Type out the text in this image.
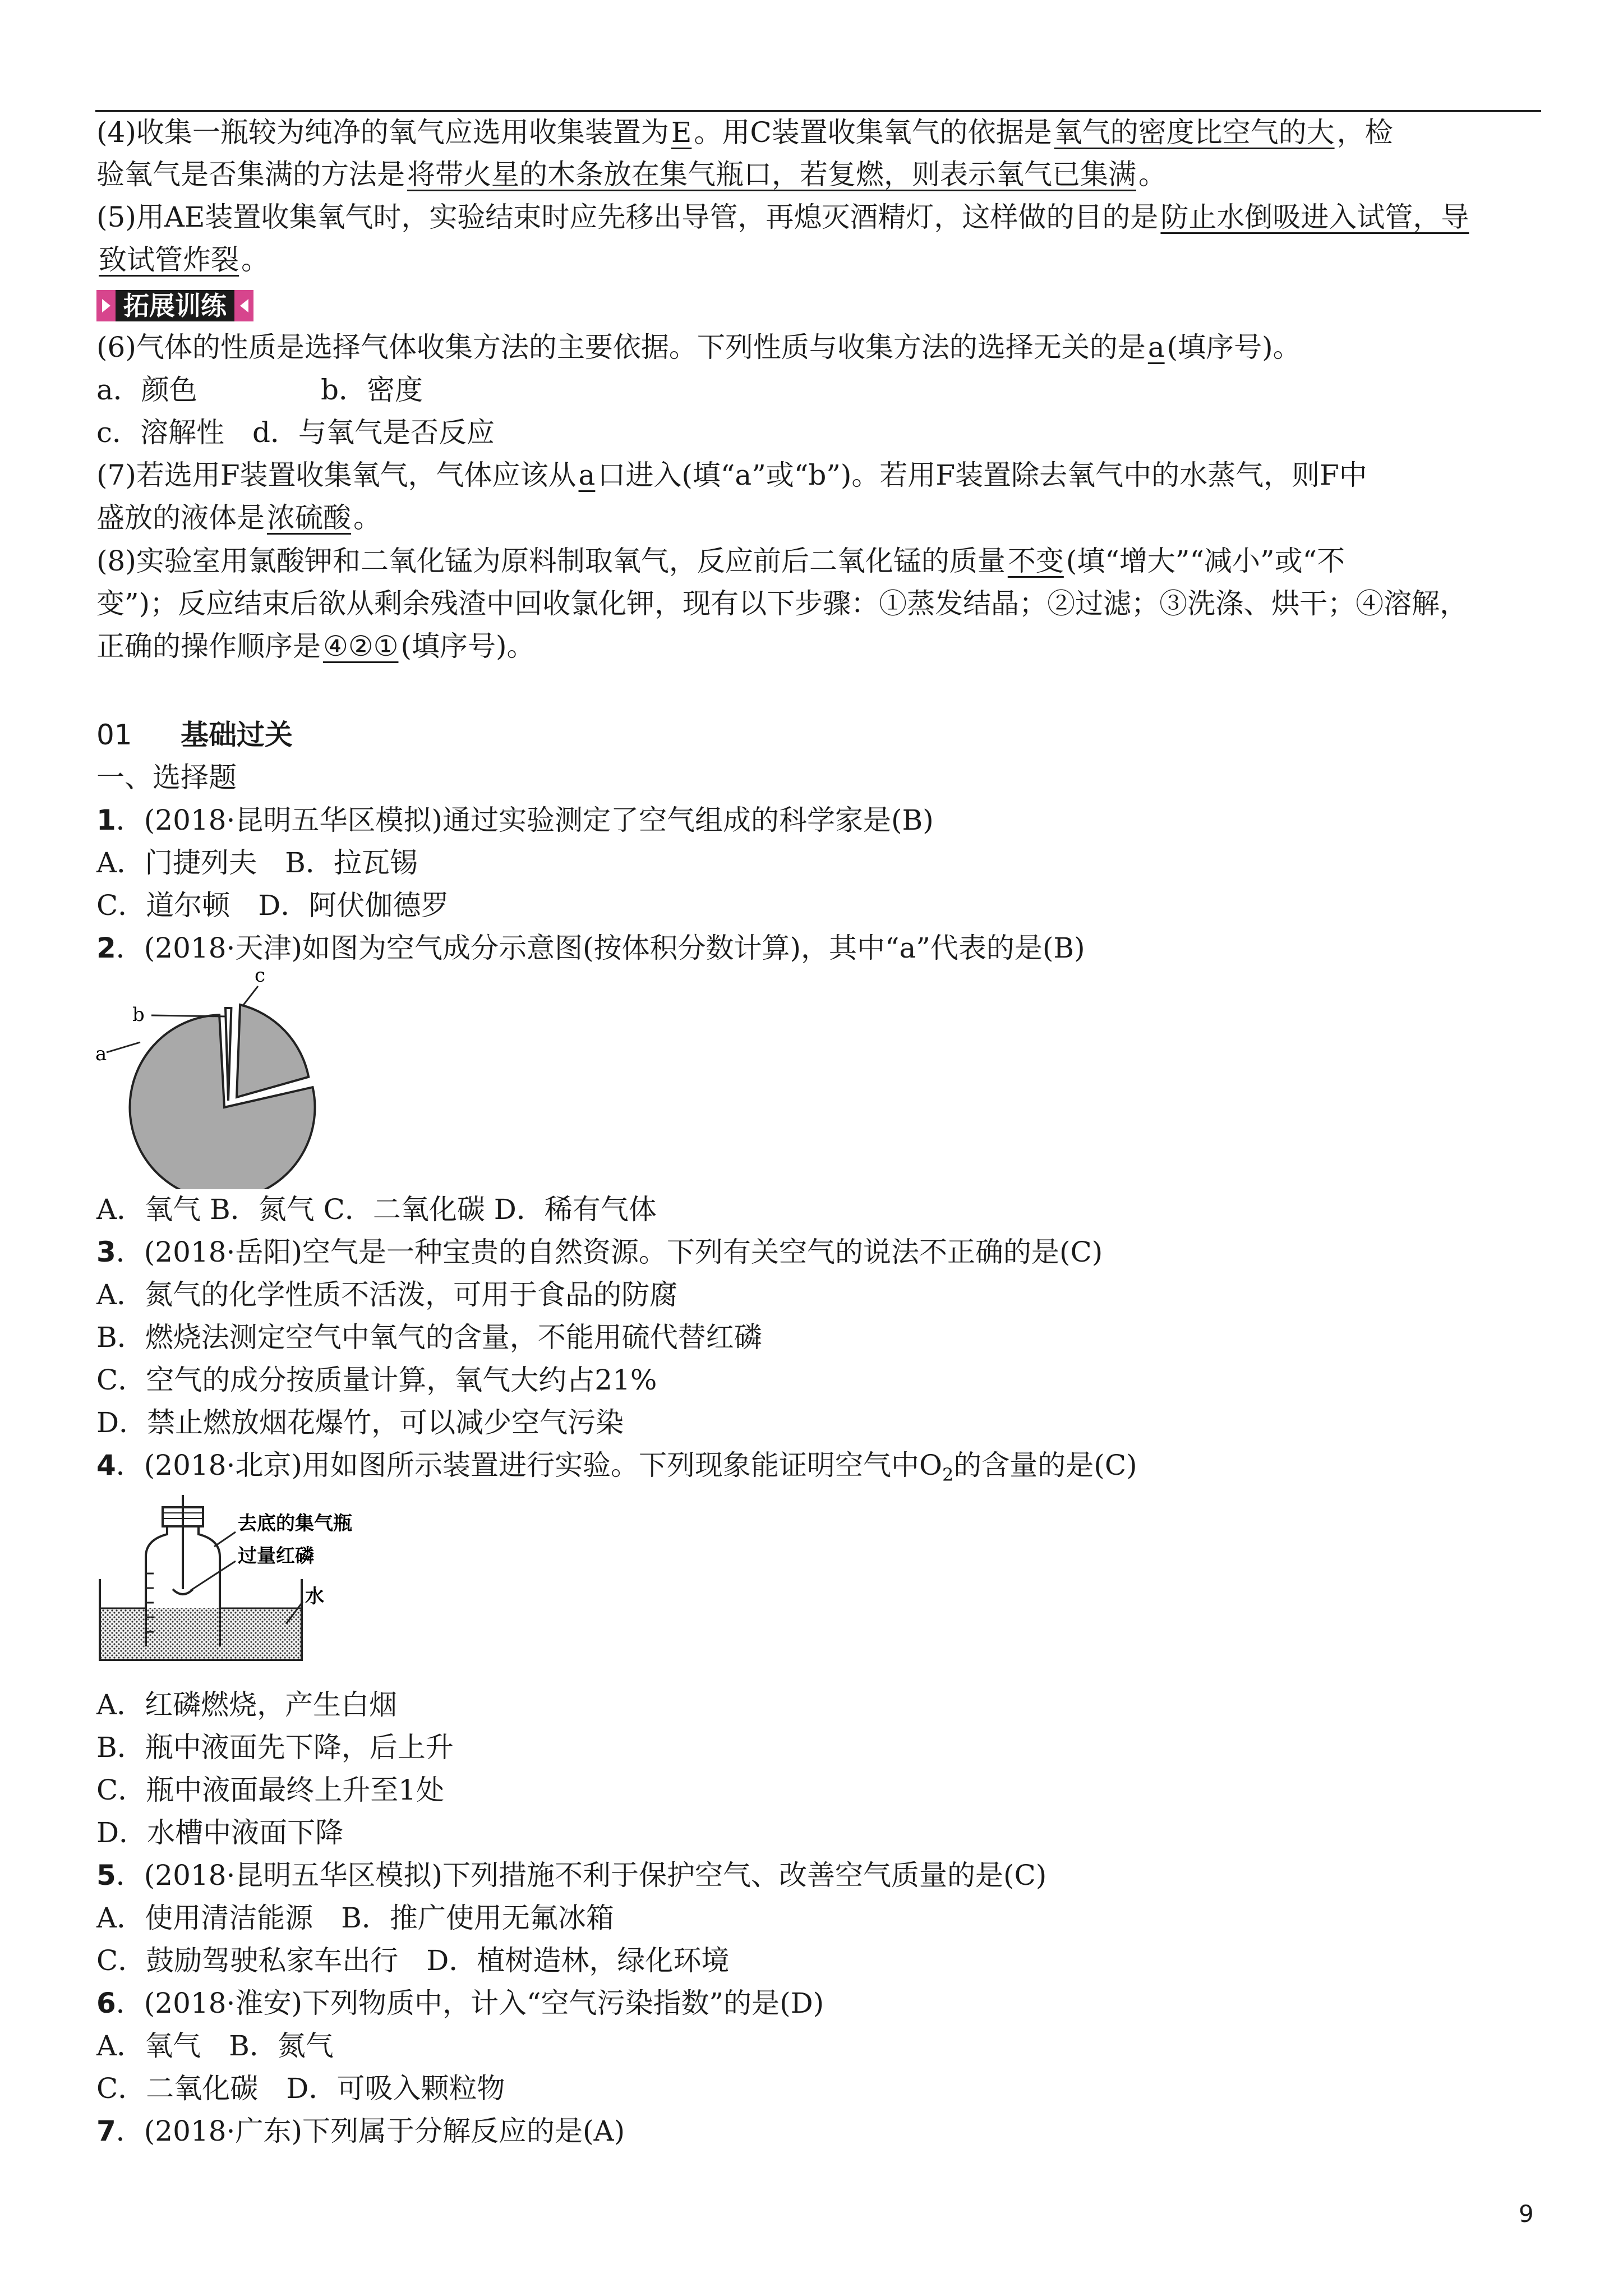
(4)收集一瓶较为纯净的氧气应选用收集装置为E。用C装置收集氧气的依据是氧气的密度比空气的大，检
验氧气是否集满的方法是将带火星的木条放在集气瓶口，若复燃，则表示氧气已集满。
(5)用AE装置收集氧气时，实验结束时应先移出导管，再熄灭酒精灯，这样做的目的是防止水倒吸进入试管，导
致试管炸裂。
拓展训练
(6)气体的性质是选择气体收集方法的主要依据。下列性质与收集方法的选择无关的是a(填序号)。
a．颜色	b．密度
c．溶解性　d．与氧气是否反应
(7)若选用F装置收集氧气，气体应该从a口进入(填“a”或“b”)。若用F装置除去氧气中的水蒸气，则F中
盛放的液体是浓硫酸。
(8)实验室用氯酸钾和二氧化锰为原料制取氧气，反应前后二氧化锰的质量不变(填“增大”“减小”或“不
变”)；反应结束后欲从剩余残渣中回收氯化钾，现有以下步骤：①蒸发结晶；②过滤；③洗涤、烘干；④溶解，
正确的操作顺序是④②①(填序号)。
01 基础过关
一、选择题
1．(2018·昆明五华区模拟)通过实验测定了空气组成的科学家是(B)
A．门捷列夫　B．拉瓦锡
C．道尔顿　D．阿伏伽德罗
2．(2018·天津)如图为空气成分示意图(按体积分数计算)，其中“a”代表的是(B)
c
b
a
A．氧气 B．氮气 C．二氧化碳 D．稀有气体
3．(2018·岳阳)空气是一种宝贵的自然资源。下列有关空气的说法不正确的是(C)
A．氮气的化学性质不活泼，可用于食品的防腐
B．燃烧法测定空气中氧气的含量，不能用硫代替红磷
C．空气的成分按质量计算，氧气大约占21%
D．禁止燃放烟花爆竹，可以减少空气污染
4．(2018·北京)用如图所示装置进行实验。下列现象能证明空气中$O_2$的含量的是(C)
去底的集气瓶
过量红磷
水
A．红磷燃烧，产生白烟
B．瓶中液面先下降，后上升
C．瓶中液面最终上升至1处
D．水槽中液面下降
5．(2018·昆明五华区模拟)下列措施不利于保护空气、改善空气质量的是(C)
A．使用清洁能源　B．推广使用无氟冰箱
C．鼓励驾驶私家车出行　D．植树造林，绿化环境
6．(2018·淮安)下列物质中，计入“空气污染指数”的是(D)
A．氧气　B．氮气
C．二氧化碳　D．可吸入颗粒物
7．(2018·广东)下列属于分解反应的是(A)
9
